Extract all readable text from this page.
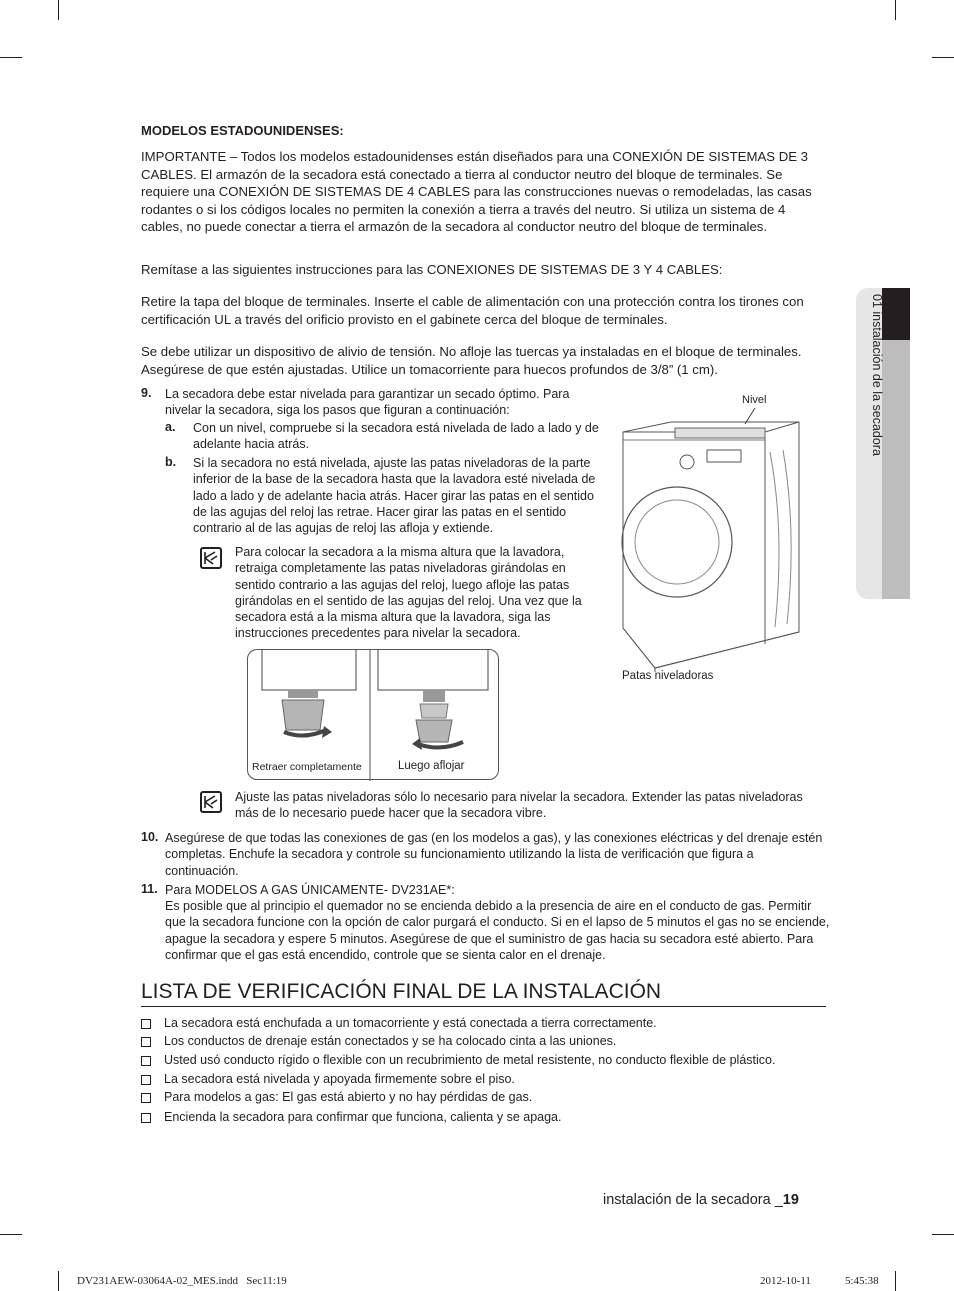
01 instalación de la secadora
MODELOS ESTADOUNIDENSES:
IMPORTANTE – Todos los modelos estadounidenses están diseñados para una CONEXIÓN DE SISTEMAS DE 3 CABLES. El armazón de la secadora está conectado a tierra al conductor neutro del bloque de terminales. Se requiere una CONEXIÓN DE SISTEMAS DE 4 CABLES para las construcciones nuevas o remodeladas, las casas rodantes o si los códigos locales no permiten la conexión a tierra a través del neutro. Si utiliza un sistema de 4 cables, no puede conectar a tierra el armazón de la secadora al conductor neutro del bloque de terminales.
Remítase a las siguientes instrucciones para las CONEXIONES DE SISTEMAS DE 3 Y 4 CABLES:
Retire la tapa del bloque de terminales. Inserte el cable de alimentación con una protección contra los tirones con certificación UL a través del orificio provisto en el gabinete cerca del bloque de terminales.
Se debe utilizar un dispositivo de alivio de tensión. No afloje las tuercas ya instaladas en el bloque de terminales. Asegúrese de que estén ajustadas. Utilice un tomacorriente para huecos profundos de 3/8” (1 cm).
9. La secadora debe estar nivelada para garantizar un secado óptimo. Para nivelar la secadora, siga los pasos que figuran a continuación:
a. Con un nivel, compruebe si la secadora está nivelada de lado a lado y de adelante hacia atrás.
b. Si la secadora no está nivelada, ajuste las patas niveladoras de la parte inferior de la base de la secadora hasta que la lavadora esté nivelada de lado a lado y de adelante hacia atrás. Hacer girar las patas en el sentido de las agujas del reloj las retrae. Hacer girar las patas en el sentido contrario al de las agujas de reloj las afloja y extiende.
Para colocar la secadora a la misma altura que la lavadora, retraiga completamente las patas niveladoras girándolas en sentido contrario a las agujas del reloj, luego afloje las patas girándolas en el sentido de las agujas del reloj. Una vez que la secadora está a la misma altura que la lavadora, siga las instrucciones precedentes para nivelar la secadora.
Retraer completamente	Luego aflojar
Nivel
Patas niveladoras
Ajuste las patas niveladoras sólo lo necesario para nivelar la secadora. Extender las patas niveladoras más de lo necesario puede hacer que la secadora vibre.
10. Asegúrese de que todas las conexiones de gas (en los modelos a gas), y las conexiones eléctricas y del drenaje estén completas. Enchufe la secadora y controle su funcionamiento utilizando la lista de verificación que figura a continuación.
11. Para MODELOS A GAS ÚNICAMENTE- DV231AE*:
Es posible que al principio el quemador no se encienda debido a la presencia de aire en el conducto de gas. Permitir que la secadora funcione con la opción de calor purgará el conducto. Si en el lapso de 5 minutos el gas no se enciende, apague la secadora y espere 5 minutos. Asegúrese de que el suministro de gas hacia su secadora esté abierto. Para confirmar que el gas está encendido, controle que se sienta calor en el drenaje.
LISTA DE VERIFICACIÓN FINAL DE LA INSTALACIÓN
La secadora está enchufada a un tomacorriente y está conectada a tierra correctamente.
Los conductos de drenaje están conectados y se ha colocado cinta a las uniones.
Usted usó conducto rígido o flexible con un recubrimiento de metal resistente, no conducto flexible de plástico.
La secadora está nivelada y apoyada firmemente sobre el piso.
Para modelos a gas: El gas está abierto y no hay pérdidas de gas.
Encienda la secadora para confirmar que funciona, calienta y se apaga.
instalación de la secadora _19
DV231AEW-03064A-02_MES.indd   Sec11:19	2012-10-11	5:45:38
